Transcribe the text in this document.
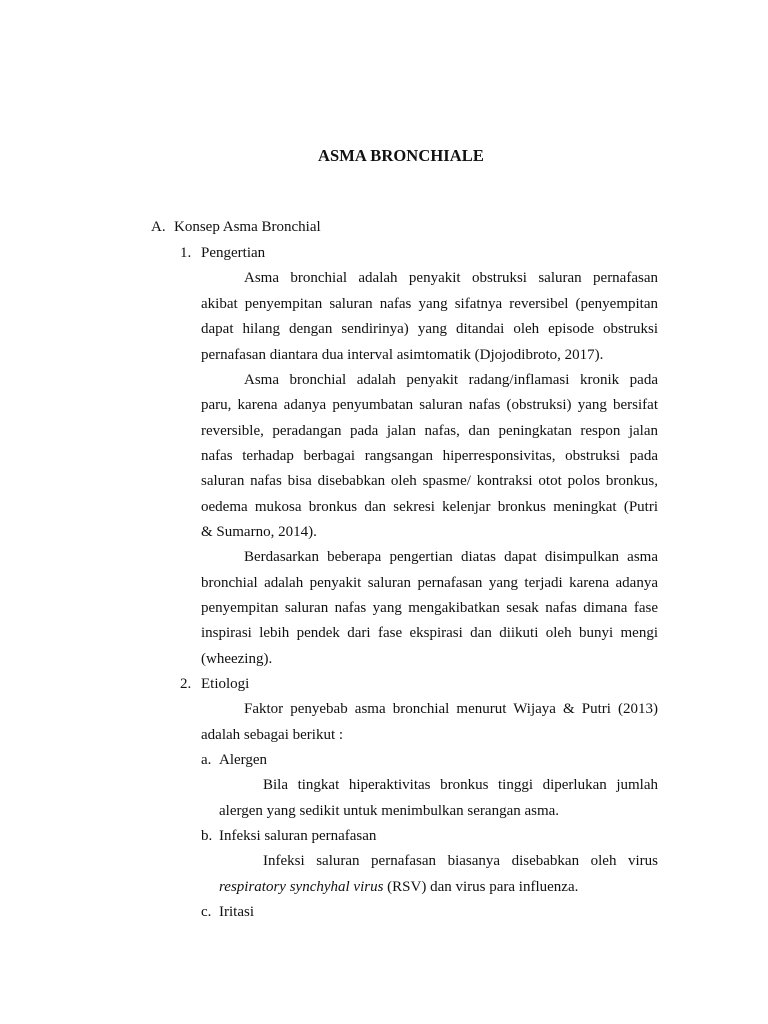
ASMA BRONCHIALE
A. Konsep Asma Bronchial
1. Pengertian
Asma bronchial adalah penyakit obstruksi saluran pernafasan
akibat penyempitan saluran nafas yang sifatnya reversibel (penyempitan
dapat hilang dengan sendirinya) yang ditandai oleh episode obstruksi
pernafasan diantara dua interval asimtomatik (Djojodibroto, 2017).
Asma bronchial adalah penyakit radang/inflamasi kronik pada
paru, karena adanya penyumbatan saluran nafas (obstruksi) yang bersifat
reversible, peradangan pada jalan nafas, dan peningkatan respon jalan
nafas terhadap berbagai rangsangan hiperresponsivitas, obstruksi pada
saluran nafas bisa disebabkan oleh spasme/ kontraksi otot polos bronkus,
oedema mukosa bronkus dan sekresi kelenjar bronkus meningkat (Putri
& Sumarno, 2014).
Berdasarkan beberapa pengertian diatas dapat disimpulkan asma
bronchial adalah penyakit saluran pernafasan yang terjadi karena adanya
penyempitan saluran nafas yang mengakibatkan sesak nafas dimana fase
inspirasi lebih pendek dari fase ekspirasi dan diikuti oleh bunyi mengi
(wheezing).
2. Etiologi
Faktor penyebab asma bronchial menurut Wijaya & Putri (2013)
adalah sebagai berikut :
a. Alergen
Bila tingkat hiperaktivitas bronkus tinggi diperlukan jumlah
alergen yang sedikit untuk menimbulkan serangan asma.
b. Infeksi saluran pernafasan
Infeksi saluran pernafasan biasanya disebabkan oleh virus
respiratory synchyhal virus (RSV) dan virus para influenza.
c. Iritasi
